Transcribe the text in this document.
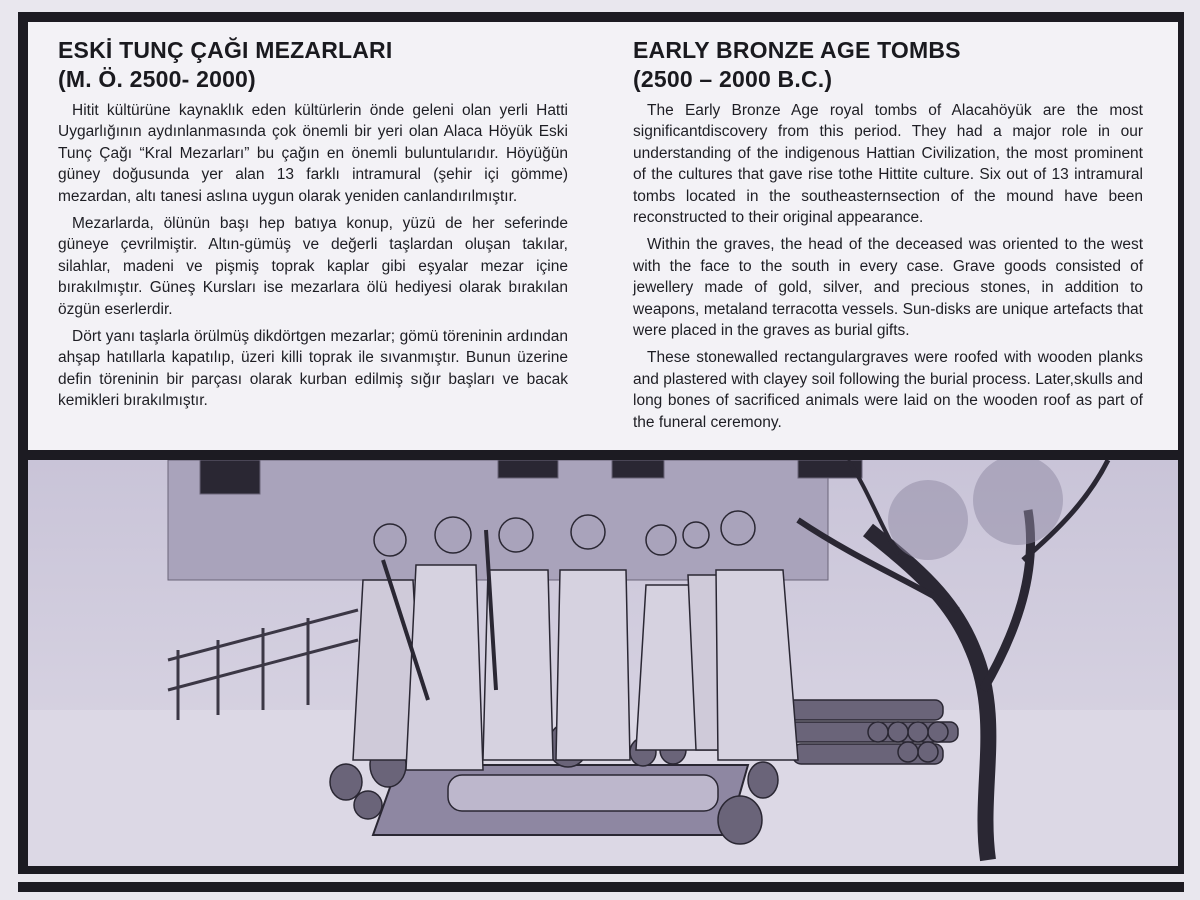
ESKİ TUNÇ ÇAĞI MEZARLARI
(M. Ö. 2500- 2000)

Hitit kültürüne kaynaklık eden kültürlerin önde geleni olan yerli Hatti Uygarlığının aydınlanmasında çok önemli bir yeri olan Alaca Höyük Eski Tunç Çağı “Kral Mezarları” bu çağın en önemli buluntularıdır. Höyüğün güney doğusunda yer alan 13 farklı intramural (şehir içi gömme) mezardan, altı tanesi aslına uygun olarak yeniden canlandırılmıştır.

Mezarlarda, ölünün başı hep batıya konup, yüzü de her seferinde güneye çevrilmiştir. Altın-gümüş ve değerli taşlardan oluşan takılar, silahlar, madeni ve pişmiş toprak kaplar gibi eşyalar mezar içine bırakılmıştır. Güneş Kursları ise mezarlara ölü hediyesi olarak bırakılan özgün eserlerdir.

Dört yanı taşlarla örülmüş dikdörtgen mezarlar; gömü töreninin ardından ahşap hatıllarla kapatılıp, üzeri killi toprak ile sıvanmıştır. Bunun üzerine defin töreninin bir parçası olarak kurban edilmiş sığır başları ve bacak kemikleri bırakılmıştır.

EARLY BRONZE AGE TOMBS
(2500 – 2000 B.C.)

The Early Bronze Age royal tombs of Alacahöyük are the most significantdiscovery from this period. They had a major role in our understanding of the indigenous Hattian Civilization, the most prominent of the cultures that gave rise tothe Hittite culture. Six out of 13 intramural tombs located in the southeasternsection of the mound have been reconstructed to their original appearance.

Within the graves, the head of the deceased was oriented to the west with the face to the south in every case. Grave goods consisted of jewellery made of gold, silver, and precious stones, in addition to weapons, metaland terracotta vessels. Sun-disks are unique artefacts that were placed in the graves as burial gifts.

These stonewalled rectangulargraves were roofed with wooden planks and plastered with clayey soil following the burial process. Later,skulls and long bones of sacrificed animals were laid on the wooden roof as part of the funeral ceremony.
